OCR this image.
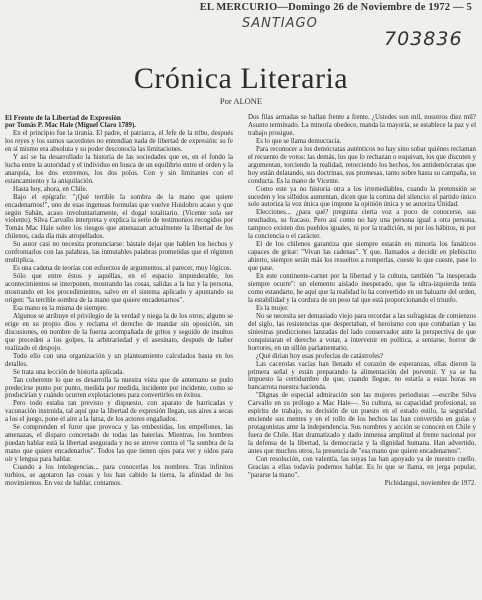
EL MERCURIO—Domingo 26 de Noviembre de 1972 — 5
SANTIAGO
703836
Crónica Literaria
Por ALONE
El Frente de la Libertad de Expresión
por Tomás P. Mac Hale (Miguel Claro 1789).

En el principio fue la tiranía. El padre, el patriarca, el Jefe de la tribu, después los reyes y los sumos sacerdotes no entendían nada de libertad de expresión: su fe en sí mismo era absoluta y su poder desconocía las limitaciones.

Y así se ha desarrollado la historia de las sociedades que es, en el fondo la lucha entre la autoridad y el individuo en busca de un equilibrio entre el orden y la anarquía, los dos extremos, los dos polos. Con y sin limitantes con el estancamiento y la aniquilación.

Hasta hoy, ahora, en Chile.

Bajo el epígrafe: "¡Qué terrible la sombra de la mano que quiere encadenarnos!", uno de esas ingenuas formulas que vuelve Huidobro acaso y que según Sabán, acaso involuntariamente, el dogal totalitario. (Vicente sola ser violento). Silva Carvallo interpreta y explica la serie de testimonios recogidos por Tomás Mac Hale sobre los riesgos que amenazan actualmente la libertad de los chilenos, cada día más atropellados.

Su autor casi no necesita pronunciarse: bástale dejar que hablen los hechos y confrontarlos con las palabras, las inmutables palabras prometidas que el régimen multiplica.

Es una cadena de teorías con esfuerzos de argumentos, al parecer, muy lógicos.

Sólo que entre éstos y aquéllas, en el espacio impunderable, los acontecimientos se interponen, mostrando las cosas, salidas a la luz y la persona, mostrando en los procedimientos, salvo en el sistema aplicado y apuntando su origen: "la terrible sombra de la mano que quiere encadenarnos".

Esa mano es la misma de siempre.

Algunos se atribuye el privilegio de la verdad y niega la de los otros; alguno se erige en su propio dios y reclama el derecho de mandar sin oposición, sin discusiones, en nombre de la fuerza acompañada de gritos y seguido de insultos que preceden a los golpes, la arbitrariedad y el asesinato, después de haber realizado el despojo.

Todo ello con una organización y un planteamiento calculados hasta en los detalles.

Se trata una lección de historia aplicada.

Tan coherente lo que es desarrolla la nuestra vista que de antemano se pudo predecirse punto por punto, medida por medida, incidente por incidente, como se producirían y cuándo ocurren explotaciones para convertirles en éxitos.

Pero todo estaba tan previsto y dispuesto, con aparato de barricadas y vacunación instruida, tal aquí que la libertad de expresión llegan, sus aires a secas a los el juego, pone el aire a la farsa, de los actores engañados.

Se comprenden el furor que provoca y las embestidas, los empellones, las amenazas, el disparo concertado de todas las baterías. Mientras, los hombres puedan hablar está la libertad asegurada y no se atreve contra el "la sombra de la mano que quiere encadenarlos". Todos las que tienen ojos para ver y oídos para oír y lengua para hablar.

Cuando a los intelegencias... para conocerlas los nombres. Tras infinitos turbios, se agotaron las cosas y los han cabido la tierra, la afinidad de los movimientos. En vez de hablar, contamos.

Dos filas armadas se hallan frente a frente. ¿Ustedes son mil, nosotros diez mil? Asunto terminado. La minoría obedece, manda la mayoría, se establece la paz y el trabajo prosigue.

Es lo que se llama democracia.

Para reconocer a los demócratas auténticos no hay sino sobar quiénes reclaman el recuento de votos: las demás, los que lo rechazan o esquivan, los que discuten y argumentan, torciendo la realidad, retorciendo los hechos, los antidemócratas que hoy están delatando, sus doctrinas, sus promesas, tanto sobre hasta su campaña, su conducta. Es la mano de Vicente.

Como este ya no historia otra a los irremediables, cuando la pretensión se suceden y los silbidos aumentan, dicen que la cortina del silencio: el partido único solo autoriza la voz única que impone la opinión única y se autoriza Unidad.

Elecciones... ¿para qué? pregunta cierta voz a poco de conocerse, sus resultados, su fracaso. Pero así como no hay una persona igual a otra persona, tampoco existen dos pueblos iguales, ni por la tradición, ni por los hábitos, ni por la conciencia o el carácter.

El de los chilenos garantiza que siempre estarán en minoría los fanáticos capaces de gritar: "Vivan las cadenas". Y que, llamados a decidir en plebiscito abierto, siempre serán más los resueltos a romperlas, cueste lo que cueste, pase lo que pase.

En este continente-carnet por la libertad y la cultura, también "la inesperada siempre ocurre": un elemento aislado inesperado, que la ultra-izquierda tenía como estandarte, he aquí que la realidad lo ha convertido en un baluarte del orden, la estabilidad y la cordura de un peso tal que está proporcionando el triunfo.

Es la mujer.

No se necesita ser demasiado viejo para recordar a las sufragistas de comienzos del siglo, las resistencias que despertaban, el heroísmo con que combatían y las siniestras predicciones lanzadas del lado conservador ante la perspectiva de que conquistaran el derecho a votar, a intervenir en política, a sentarse, horror de horrores, en un sillón parlamentario.

¿Qué dirían hoy esas profecías de catástrofes?

Las cacerolas vacías han llenado el corazón de esperanzas, ellas dieron la primera señal y están preparando la alimentación del porvenir. Y ya se ha impuesto la certidumbre de que, cuando llegue, no estaría a estas horas en bancarrota nuestra hacienda.

"Dignas de especial admiración son las mujeres periodistas —escribe Silva Carvallo en su prólogo a Mac Hale—. Su cultura, su capacidad profesional, su espíritu de trabajo, su decisión de un puesto en el estado estilo, la seguridad enciende sus mentes y en el rollo de los hechos las han convertido en guías y protagonistas ante la independencia. Sus nombres y acción se conocen en Chile y fuera de Chile. Han dramatizado y dado inmensa amplitud al frente nacional por la defensa de la libertad, la democracia y la dignidad humana. Han advertido, antes que muchos otros, la presencia de "esa mano que quiere encadenarnos".

Con resolución, con valentía, las suyas las han apoyado ya de nuestro cuello. Gracias a ellas todavía podemos hablar. Es lo que se llama, en jerga popular, "pararse la mano".

Pichidangui, noviembre de 1972.
